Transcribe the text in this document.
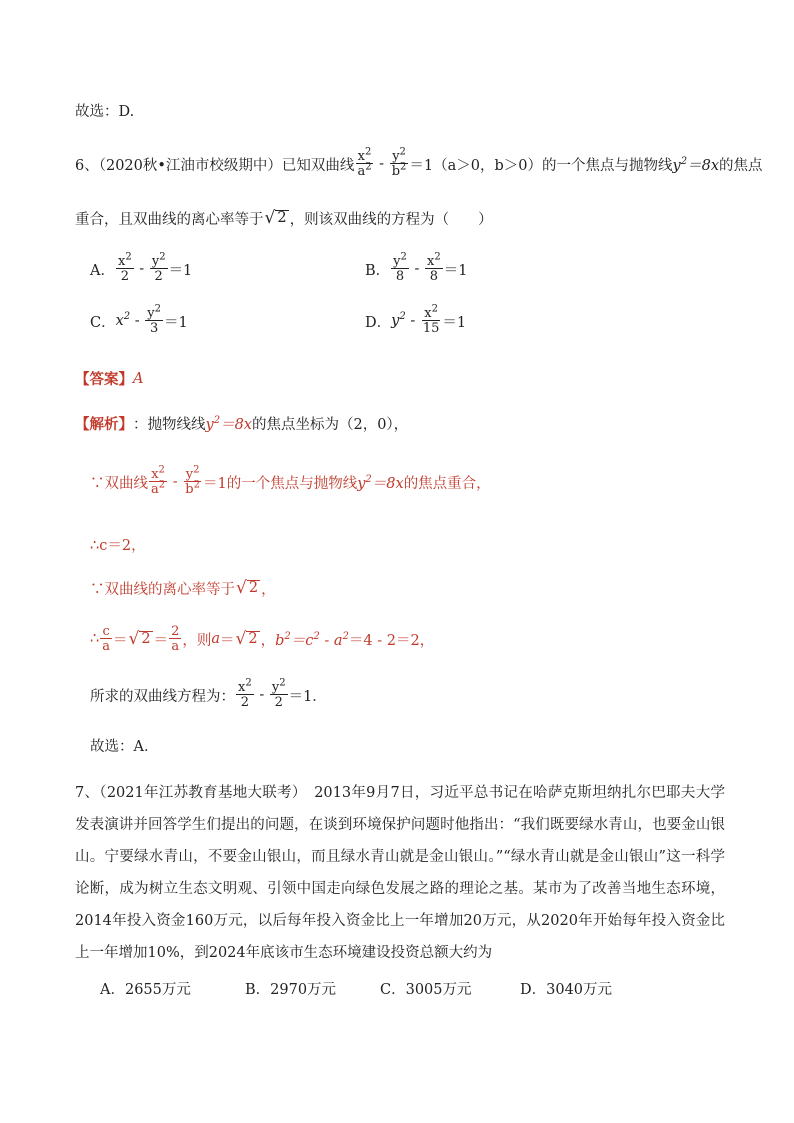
故选：D.
6、（2020秋•江油市校级期中）已知双曲线 $\frac{x^2}{a^2} - \frac{y^2}{b^2} =1$ （a＞0，b＞0）的一个焦点与抛物线 $y^2=8x$ 的焦点
重合，且双曲线的离心率等于 √ 2 ，则该双曲线的方程为（　　）
A． $\frac{x^2}{2} - \frac{y^2}{2} =1$	B． $\frac{y^2}{8} - \frac{x^2}{8} =1$
C． $x^2 - \frac{y^2}{3} =1$	D． $y^2 - \frac{x^2}{15} =1$
【答案】 A
【解析】 ：抛物线线 $y^2=8x$ 的焦点坐标为（2，0），
∵双曲线 $\frac{x^2}{a^2} - \frac{y^2}{b^2} =1$ 的一个焦点与抛物线 $y^2=8x$ 的焦点重合，
∴c＝2，
∵双曲线的离心率等于 √ 2 ，
∴ $\frac{c}{a}$ ＝ √ $2 = \frac{2}{a}$ ，则 a ＝ √ 2 ， $b^2=c^2 - a^2 =4 - 2=2$，
所求的双曲线方程为： $\frac{x^2}{2} - \frac{y^2}{2} =1$．
故选：A．
7、（2021年江苏教育基地大联考）　2013年9月7日，习近平总书记在哈萨克斯坦纳扎尔巴耶夫大学发表演讲并回答学生们提出的问题，在谈到环境保护问题时他指出：“我们既要绿水青山，也要金山银山。宁要绿水青山，不要金山银山，而且绿水青山就是金山银山。”“绿水青山就是金山银山”这一科学论断，成为树立生态文明观、引领中国走向绿色发展之路的理论之基。某市为了改善当地生态环境，2014年投入资金160万元，以后每年投入资金比上一年增加20万元，从2020年开始每年投入资金比上一年增加10%，到2024年底该市生态环境建设投资总额大约为
A．2655万元	B．2970万元	C．3005万元	D．3040万元
